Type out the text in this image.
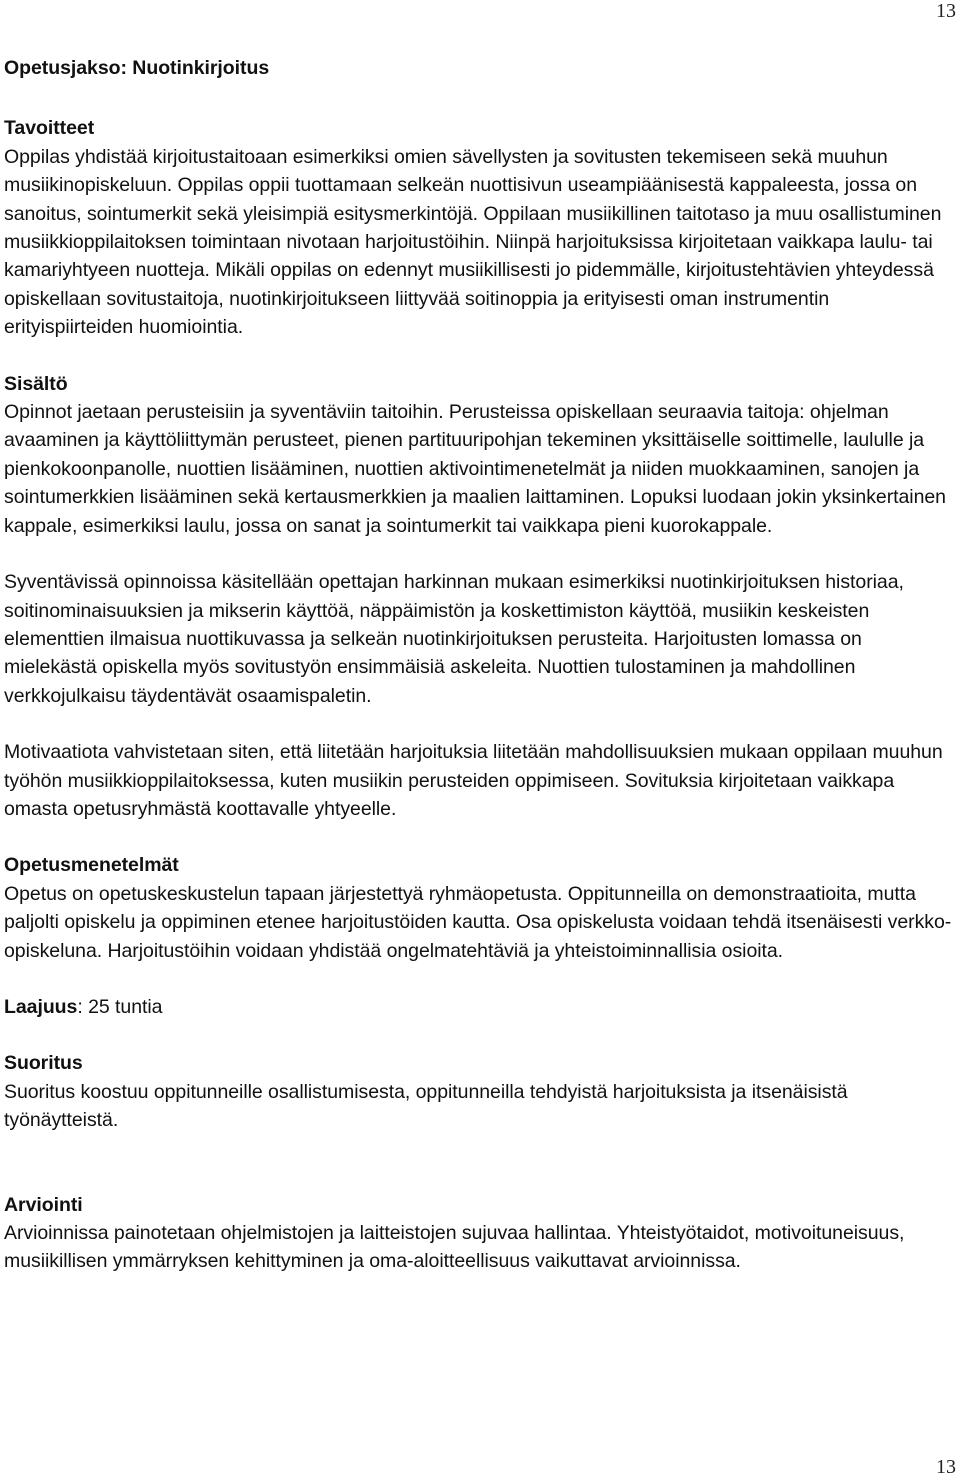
13

Opetusjakso: Nuotinkirjoitus

Tavoitteet

Oppilas yhdistää kirjoitustaitoaan esimerkiksi omien sävellysten ja sovitusten tekemiseen sekä muuhun musiikinopiskeluun. Oppilas oppii tuottamaan selkeän nuottisivun useampiäänisestä kappaleesta, jossa on sanoitus, sointumerkit sekä yleisimpiä esitysmerkintöjä. Oppilaan musiikillinen taitotaso ja muu osallistuminen musiikkioppilaitoksen toimintaan nivotaan harjoitustöihin. Niinpä harjoituksissa kirjoitetaan vaikkapa laulu- tai kamariyhtyeen nuotteja. Mikäli oppilas on edennyt musiikillisesti jo pidemmälle, kirjoitustehtävien yhteydessä opiskellaan sovitustaitoja, nuotinkirjoitukseen liittyvää soitinoppia ja erityisesti oman instrumentin erityispiirteiden huomiointia.

Sisältö

Opinnot jaetaan perusteisiin ja syventäviin taitoihin. Perusteissa opiskellaan seuraavia taitoja: ohjelman avaaminen ja käyttöliittymän perusteet, pienen partituuripohjan tekeminen yksittäiselle soittimelle, laululle ja pienkokoonpanolle, nuottien lisääminen, nuottien aktivointimenetelmät ja niiden muokkaaminen, sanojen ja sointumerkkien lisääminen sekä kertausmerkkien ja maalien laittaminen. Lopuksi luodaan jokin yksinkertainen kappale, esimerkiksi laulu, jossa on sanat ja sointumerkit tai vaikkapa pieni kuorokappale.

Syventävissä opinnoissa käsitellään opettajan harkinnan mukaan esimerkiksi nuotinkirjoituksen historiaa, soitinominaisuuksien ja mikserin käyttöä, näppäimistön ja koskettimiston käyttöä, musiikin keskeisten elementtien ilmaisua nuottikuvassa ja selkeän nuotinkirjoituksen perusteita. Harjoitusten lomassa on mielekästä opiskella myös sovitustyön ensimmäisiä askeleita. Nuottien tulostaminen ja mahdollinen verkkojulkaisu täydentävät osaamispaletin.

Motivaatiota vahvistetaan siten, että liitetään harjoituksia liitetään mahdollisuuksien mukaan oppilaan muuhun työhön musiikkioppilaitoksessa, kuten musiikin perusteiden oppimiseen. Sovituksia kirjoitetaan vaikkapa omasta opetusryhmästä koottavalle yhtyeelle.

Opetusmenetelmät

Opetus on opetuskeskustelun tapaan järjestettyä ryhmäopetusta. Oppitunneilla on demonstraatioita, mutta paljolti opiskelu ja oppiminen etenee harjoitustöiden kautta. Osa opiskelusta voidaan tehdä itsenäisesti verkko-opiskeluna. Harjoitustöihin voidaan yhdistää ongelmatehtäviä ja yhteistoiminnallisia osioita.

Laajuus: 25 tuntia

Suoritus

Suoritus koostuu oppitunneille osallistumisesta, oppitunneilla tehdyistä harjoituksista ja itsenäisistä työnäytteistä.

Arviointi

Arvioinnissa painotetaan ohjelmistojen ja laitteistojen sujuvaa hallintaa. Yhteistyötaidot, motivoituneisuus, musiikillisen ymmärryksen kehittyminen ja oma-aloitteellisuus vaikuttavat arvioinnissa.

13
